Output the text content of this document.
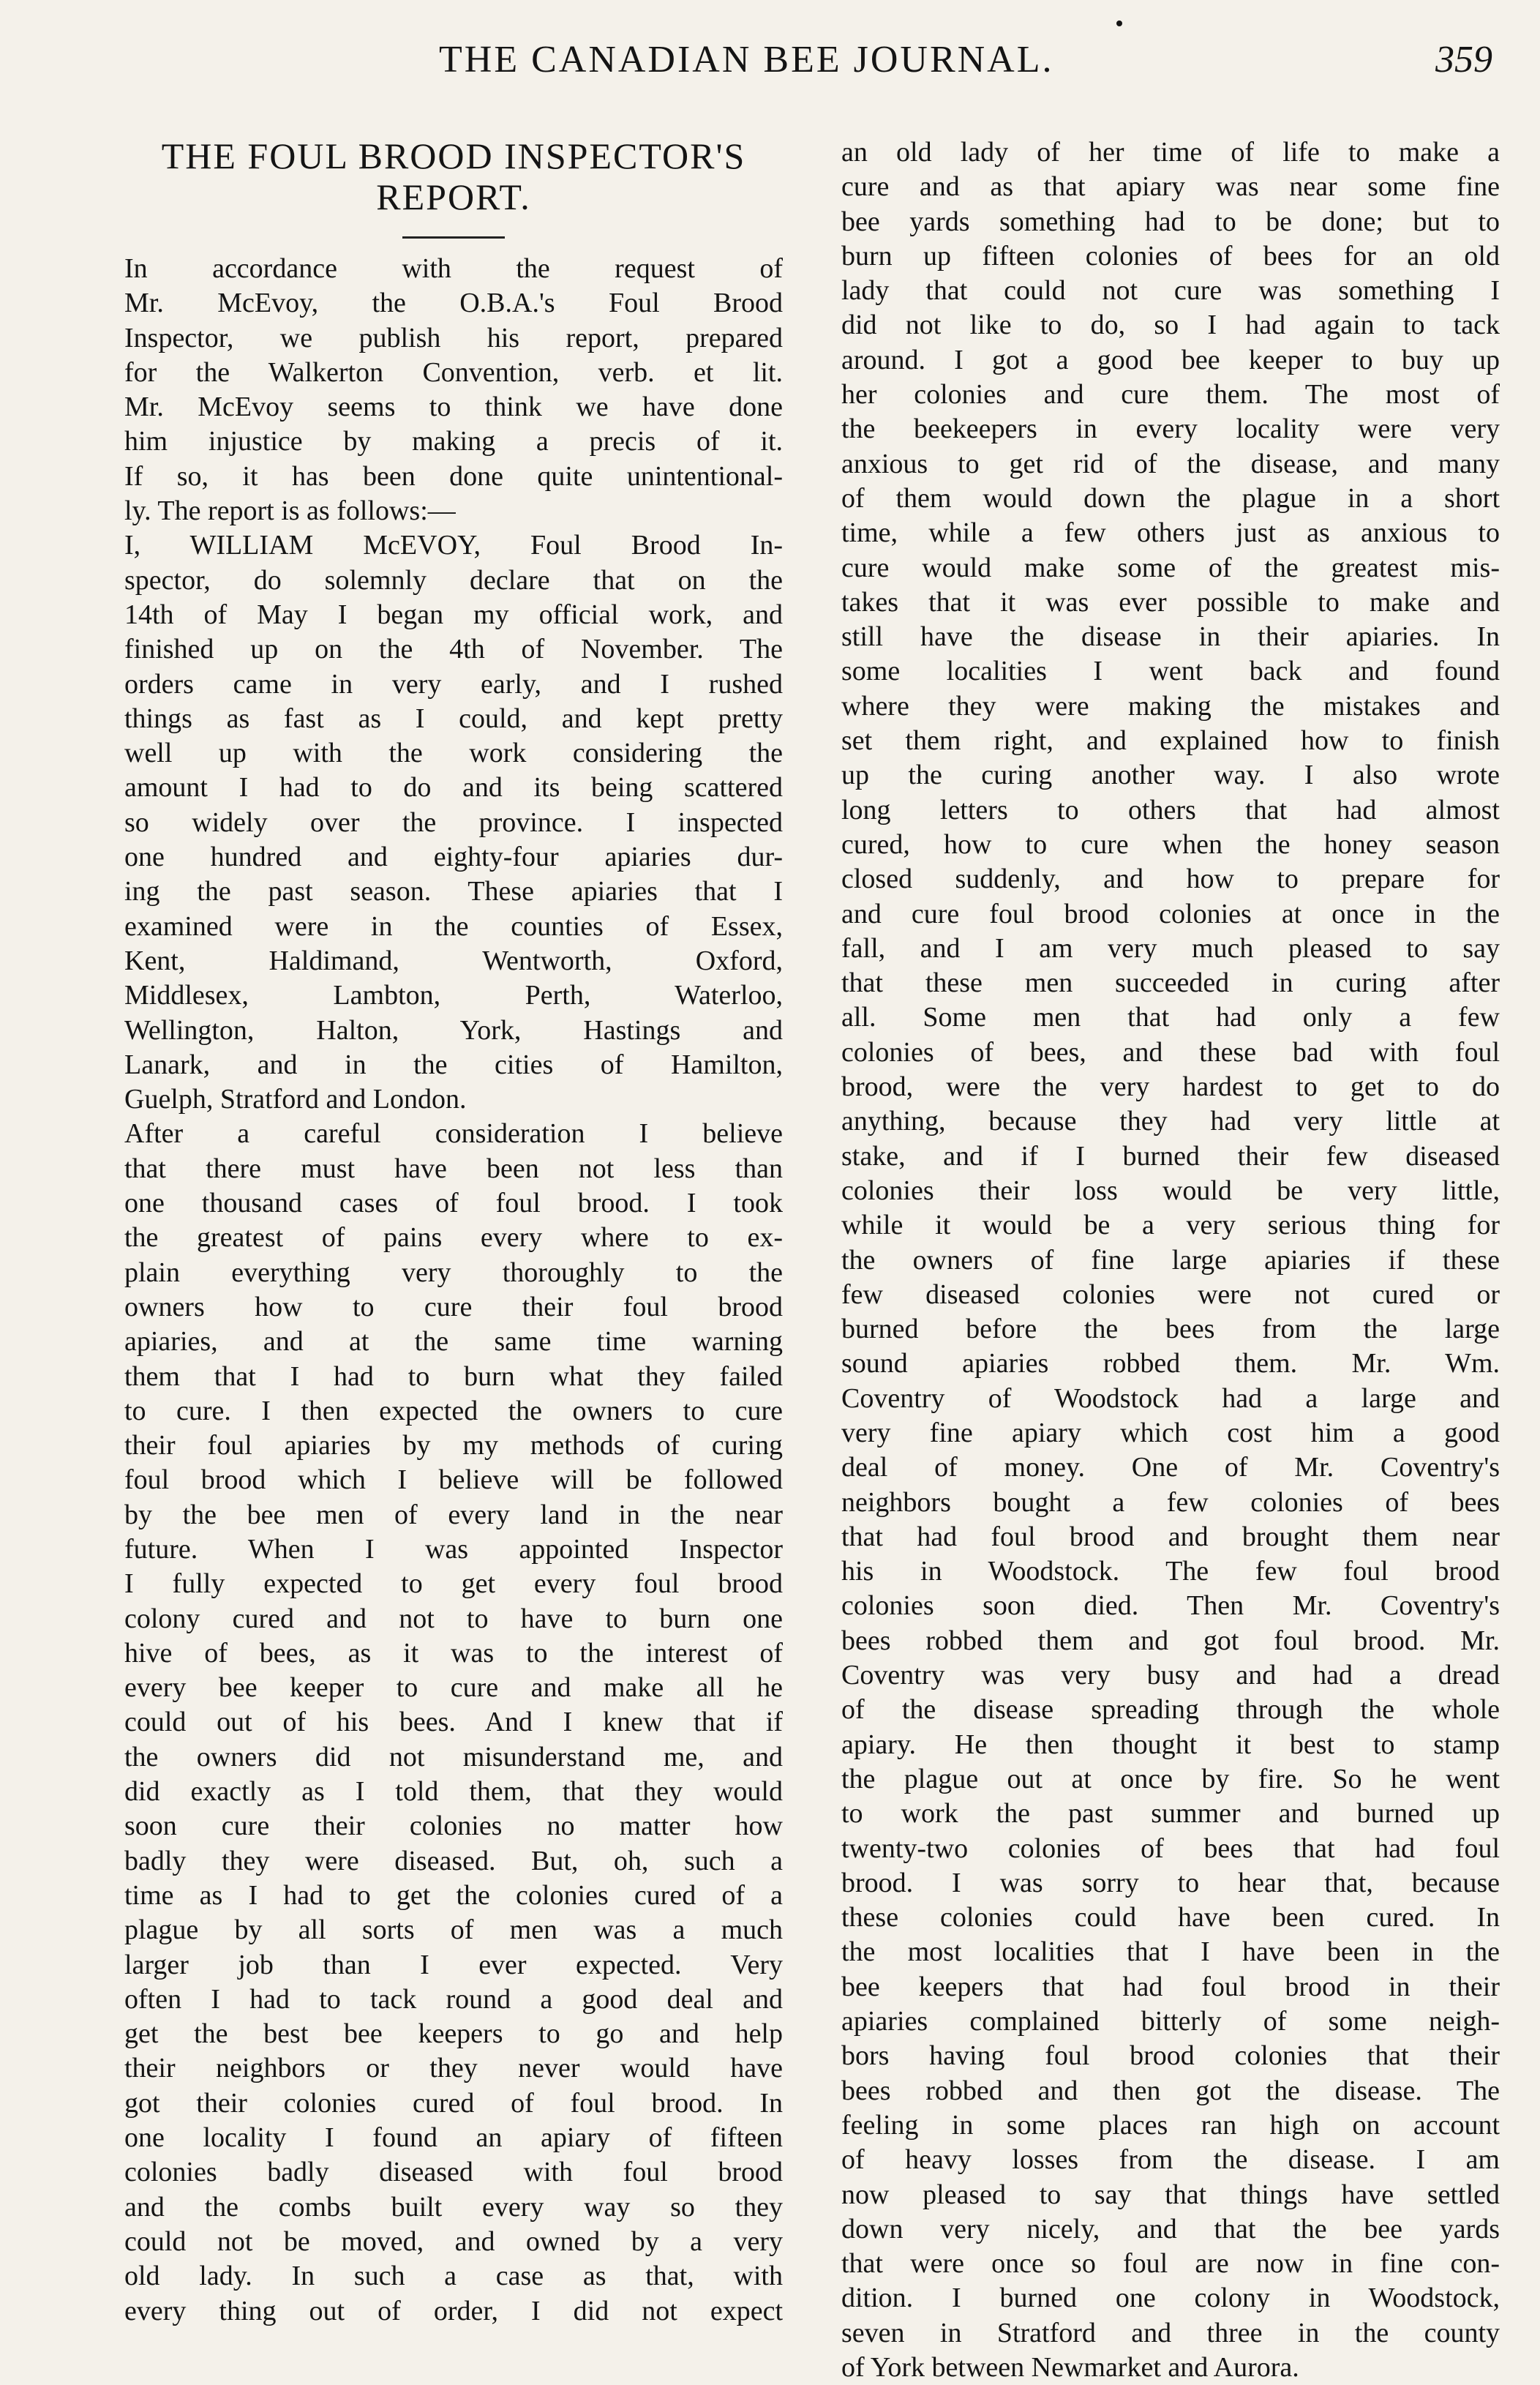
THE CANADIAN BEE JOURNAL.	359
THE FOUL BROOD INSPECTOR'S
REPORT.
In accordance with the request of
Mr. McEvoy, the O.B.A.'s Foul Brood
Inspector, we publish his report, prepared
for the Walkerton Convention, verb. et lit.
Mr. McEvoy seems to think we have done
him injustice by making a precis of it.
If so, it has been done quite unintentional-
ly. The report is as follows:—
I, WILLIAM McEVOY, Foul Brood In-
spector, do solemnly declare that on the
14th of May I began my official work, and
finished up on the 4th of November. The
orders came in very early, and I rushed
things as fast as I could, and kept pretty
well up with the work considering the
amount I had to do and its being scattered
so widely over the province. I inspected
one hundred and eighty-four apiaries dur-
ing the past season. These apiaries that I
examined were in the counties of Essex,
Kent, Haldimand, Wentworth, Oxford,
Middlesex, Lambton, Perth, Waterloo,
Wellington, Halton, York, Hastings and
Lanark, and in the cities of Hamilton,
Guelph, Stratford and London.
After a careful consideration I believe
that there must have been not less than
one thousand cases of foul brood. I took
the greatest of pains every where to ex-
plain everything very thoroughly to the
owners how to cure their foul brood
apiaries, and at the same time warning
them that I had to burn what they failed
to cure. I then expected the owners to cure
their foul apiaries by my methods of curing
foul brood which I believe will be followed
by the bee men of every land in the near
future. When I was appointed Inspector
I fully expected to get every foul brood
colony cured and not to have to burn one
hive of bees, as it was to the interest of
every bee keeper to cure and make all he
could out of his bees. And I knew that if
the owners did not misunderstand me, and
did exactly as I told them, that they would
soon cure their colonies no matter how
badly they were diseased. But, oh, such a
time as I had to get the colonies cured of a
plague by all sorts of men was a much
larger job than I ever expected. Very
often I had to tack round a good deal and
get the best bee keepers to go and help
their neighbors or they never would have
got their colonies cured of foul brood. In
one locality I found an apiary of fifteen
colonies badly diseased with foul brood
and the combs built every way so they
could not be moved, and owned by a very
old lady. In such a case as that, with
every thing out of order, I did not expect
an old lady of her time of life to make a
cure and as that apiary was near some fine
bee yards something had to be done; but to
burn up fifteen colonies of bees for an old
lady that could not cure was something I
did not like to do, so I had again to tack
around. I got a good bee keeper to buy up
her colonies and cure them. The most of
the beekeepers in every locality were very
anxious to get rid of the disease, and many
of them would down the plague in a short
time, while a few others just as anxious to
cure would make some of the greatest mis-
takes that it was ever possible to make and
still have the disease in their apiaries. In
some localities I went back and found
where they were making the mistakes and
set them right, and explained how to finish
up the curing another way. I also wrote
long letters to others that had almost
cured, how to cure when the honey season
closed suddenly, and how to prepare for
and cure foul brood colonies at once in the
fall, and I am very much pleased to say
that these men succeeded in curing after
all. Some men that had only a few
colonies of bees, and these bad with foul
brood, were the very hardest to get to do
anything, because they had very little at
stake, and if I burned their few diseased
colonies their loss would be very little,
while it would be a very serious thing for
the owners of fine large apiaries if these
few diseased colonies were not cured or
burned before the bees from the large
sound apiaries robbed them. Mr. Wm.
Coventry of Woodstock had a large and
very fine apiary which cost him a good
deal of money. One of Mr. Coventry's
neighbors bought a few colonies of bees
that had foul brood and brought them near
his in Woodstock. The few foul brood
colonies soon died. Then Mr. Coventry's
bees robbed them and got foul brood. Mr.
Coventry was very busy and had a dread
of the disease spreading through the whole
apiary. He then thought it best to stamp
the plague out at once by fire. So he went
to work the past summer and burned up
twenty-two colonies of bees that had foul
brood. I was sorry to hear that, because
these colonies could have been cured. In
the most localities that I have been in the
bee keepers that had foul brood in their
apiaries complained bitterly of some neigh-
bors having foul brood colonies that their
bees robbed and then got the disease. The
feeling in some places ran high on account
of heavy losses from the disease. I am
now pleased to say that things have settled
down very nicely, and that the bee yards
that were once so foul are now in fine con-
dition. I burned one colony in Woodstock,
seven in Stratford and three in the county
of York between Newmarket and Aurora.
